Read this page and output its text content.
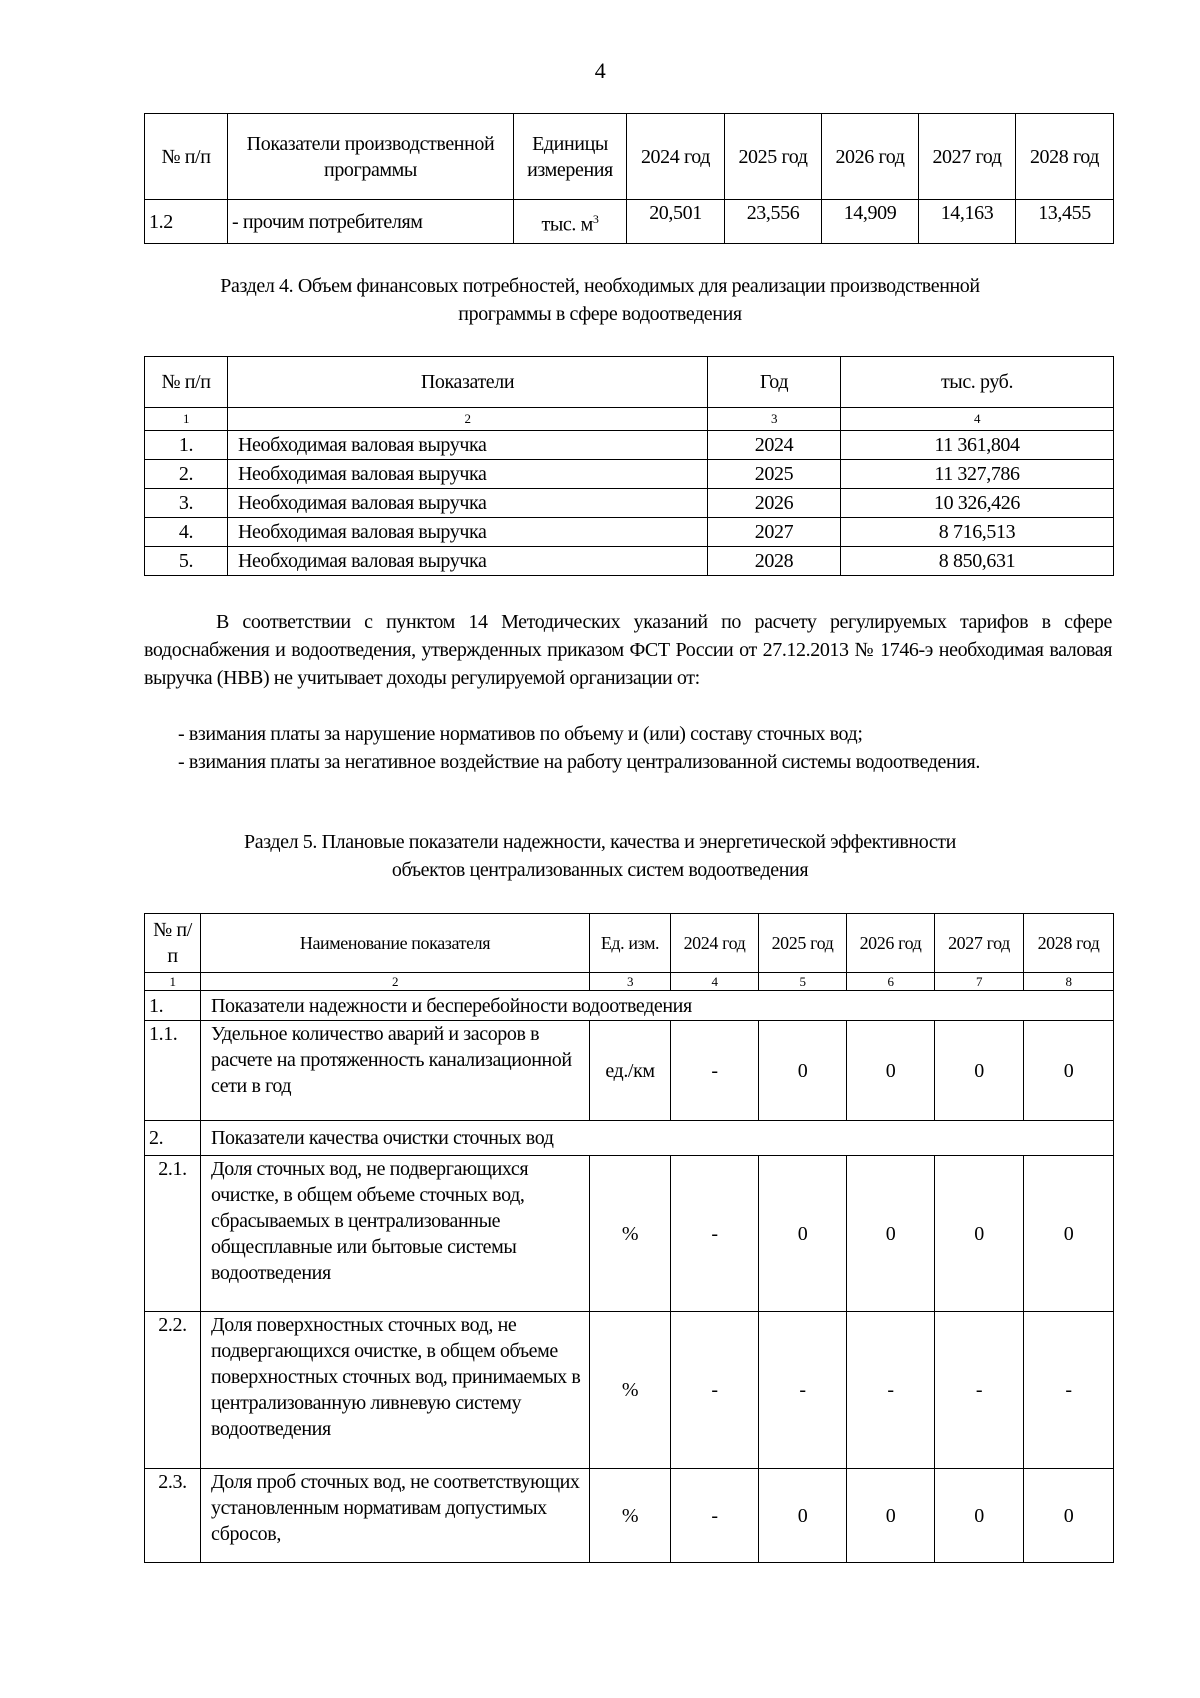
4
№ п/п	Показатели производственной программы	Единицы измерения	2024 год	2025 год	2026 год	2027 год	2028 год
1.2	- прочим потребителям	тыс. $м^3$	20,501	23,556	14,909	14,163	13,455
Раздел 4. Объем финансовых потребностей, необходимых для реализации производственной
программы в сфере водоотведения
№ п/п	Показатели	Год	тыс. руб.
1	2	3	4
1.	Необходимая валовая выручка	2024	11 361,804
2.	Необходимая валовая выручка	2025	11 327,786
3.	Необходимая валовая выручка	2026	10 326,426
4.	Необходимая валовая выручка	2027	8 716,513
5.	Необходимая валовая выручка	2028	8 850,631
В соответствии с пунктом 14 Методических указаний по расчету регулируемых тарифов в сфере водоснабжения и водоотведения, утвержденных приказом ФСТ России от 27.12.2013 № 1746-э необходимая валовая выручка (НВВ) не учитывает доходы регулируемой организации от:
- взимания платы за нарушение нормативов по объему и (или) составу сточных вод;
- взимания платы за негативное воздействие на работу централизованной системы водоотведения.
Раздел 5. Плановые показатели надежности, качества и энергетической эффективности
объектов централизованных систем водоотведения
№ п/п	Наименование показателя	Ед. изм.	2024 год	2025 год	2026 год	2027 год	2028 год
1	2	3	4	5	6	7	8
1.	Показатели надежности и бесперебойности водоотведения						
1.1.	Удельное количество аварий и засоров в расчете на протяженность канализационной сети в год	ед./км	-	0	0	0	0
2.	Показатели качества очистки сточных вод						
2.1.	Доля сточных вод, не подвергающихся очистке, в общем объеме сточных вод, сбрасываемых в централизованные общесплавные или бытовые системы водоотведения	%	-	0	0	0	0
2.2.	Доля поверхностных сточных вод, не подвергающихся очистке, в общем объеме поверхностных сточных вод, принимаемых в централизованную ливневую систему водоотведения	%	-	-	-	-	-
2.3.	Доля проб сточных вод, не соответствующих установленным нормативам допустимых сбросов,	%	-	0	0	0	0
